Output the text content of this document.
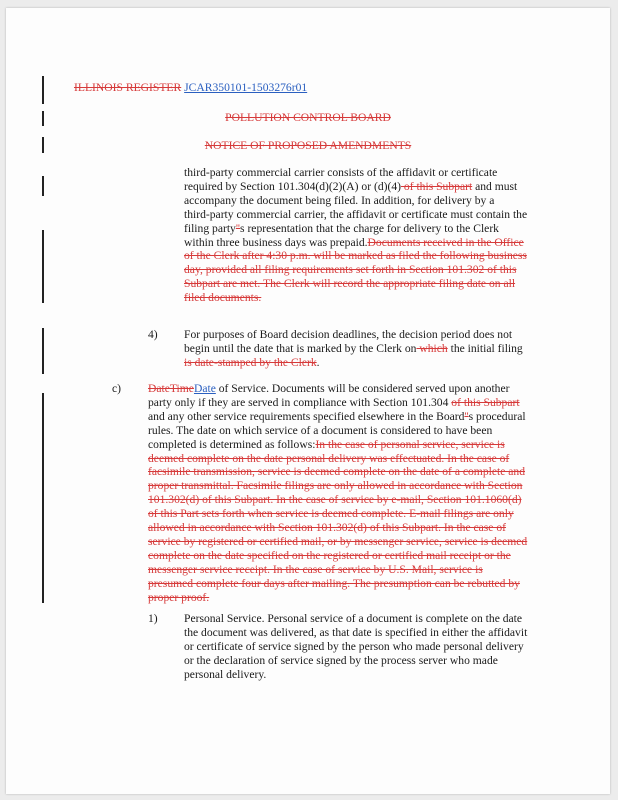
ILLINOIS REGISTER JCAR350101-1503276r01
POLLUTION CONTROL BOARD
NOTICE OF PROPOSED AMENDMENTS
third-party commercial carrier consists of the affidavit or certificate
required by Section 101.304(d)(2)(A) or (d)(4) of this Subpart and must
accompany the document being filed. In addition, for delivery by a
third-party commercial carrier, the affidavit or certificate must contain the
filing party''s representation that the charge for delivery to the Clerk
within three business days was prepaid.Documents received in the Office
of the Clerk after 4:30 p.m. will be marked as filed the following business
day, provided all filing requirements set forth in Section 101.302 of this
Subpart are met. The Clerk will record the appropriate filing date on all
filed documents.
4) For purposes of Board decision deadlines, the decision period does not
begin until the date that is marked by the Clerk on which the initial filing
is date-stamped by the Clerk.
c) DateTimeDate of Service. Documents will be considered served upon another
party only if they are served in compliance with Section 101.304 of this Subpart
and any other service requirements specified elsewhere in the Board''s procedural
rules. The date on which service of a document is considered to have been
completed is determined as follows:In the case of personal service, service is
deemed complete on the date personal delivery was effectuated. In the case of
facsimile transmission, service is deemed complete on the date of a complete and
proper transmittal. Facsimile filings are only allowed in accordance with Section
101.302(d) of this Subpart. In the case of service by e-mail, Section 101.1060(d)
of this Part sets forth when service is deemed complete. E-mail filings are only
allowed in accordance with Section 101.302(d) of this Subpart. In the case of
service by registered or certified mail, or by messenger service, service is deemed
complete on the date specified on the registered or certified mail receipt or the
messenger service receipt. In the case of service by U.S. Mail, service is
presumed complete four days after mailing. The presumption can be rebutted by
proper proof.
1) Personal Service. Personal service of a document is complete on the date
the document was delivered, as that date is specified in either the affidavit
or certificate of service signed by the person who made personal delivery
or the declaration of service signed by the process server who made
personal delivery.
